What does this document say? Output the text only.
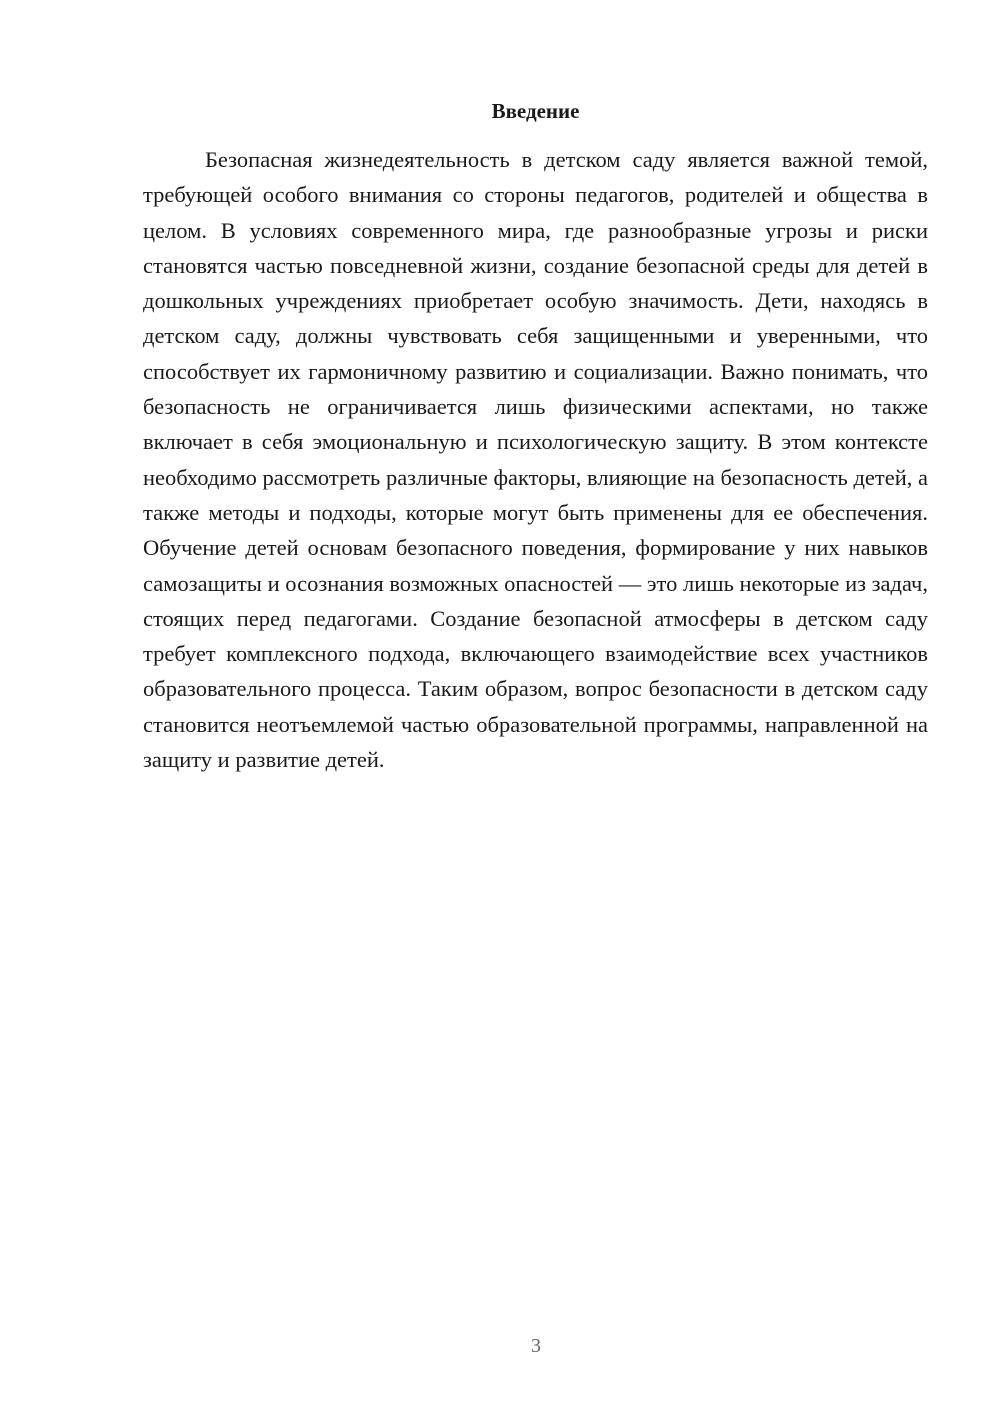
Введение

Безопасная жизнедеятельность в детском саду является важной темой, требующей особого внимания со стороны педагогов, родителей и общества в целом. В условиях современного мира, где разнообразные угрозы и риски становятся частью повседневной жизни, создание безопасной среды для детей в дошкольных учреждениях приобретает особую значимость. Дети, находясь в детском саду, должны чувствовать себя защищенными и уверенными, что способствует их гармоничному развитию и социализации. Важно понимать, что безопасность не ограничивается лишь физическими аспектами, но также включает в себя эмоциональную и психологическую защиту. В этом контексте необходимо рассмотреть различные факторы, влияющие на безопасность детей, а также методы и подходы, которые могут быть применены для ее обеспечения. Обучение детей основам безопасного поведения, формирование у них навыков самозащиты и осознания возможных опасностей — это лишь некоторые из задач, стоящих перед педагогами. Создание безопасной атмосферы в детском саду требует комплексного подхода, включающего взаимодействие всех участников образовательного процесса. Таким образом, вопрос безопасности в детском саду становится неотъемлемой частью образовательной программы, направленной на защиту и развитие детей.

3
